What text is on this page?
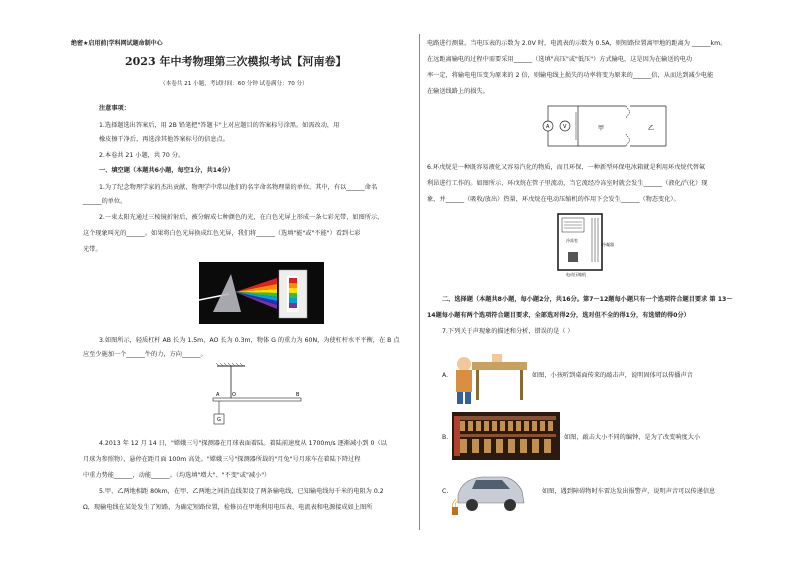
绝密★启用前|学科网试题命制中心
2023 年中考物理第三次模拟考试【河南卷】
（本卷共 21 小题，考试时间：60 分钟 试卷满分：70 分）
注意事项：
1.选择题选出答案后，用 2B 铅笔把"答题卡"上对应题目的答案标号涂黑。如需改动，用
橡皮擦干净后，再选涂其他答案标号的信息点。
2.本卷共 21 小题，共 70 分。
一、填空题（本题共6小题，每空1分，共14分）
1.为了纪念物理学家的杰出贡献，物理学中常以他们的名字命名物理量的单位。其中，有以______命名
______的单位。
2.一束太阳光通过三棱镜折射后，被分解成七种颜色的光，在白色光屏上形成一条七彩光带，如图所示，
这个现象叫光的______。如果将白色光屏换成红色光屏，我们将______（选填"能"或"不能"）看到七彩
光带。
3.如图所示，轻质杠杆 AB 长为 1.5m，AO 长为 0.3m，物体 G 的重力为 60N，为使杠杆水平平衡，在 B 点
应至少施加一个______牛的力，方向______。
A	O	B
G
4.2013 年 12 月 14 日，"嫦娥三号"探测器在月球表面着陆。着陆前速度从 1700m/s 逐渐减小到 0（以
月球为参照物），悬停在距月面 100m 高处。"嫦娥三号"探测器所载的"月兔"号月球车在着陆下降过程
中重力势能______，动能______。（均选填"增大"、"不变"或"减小"）
5.甲、乙两地相距 80km，在甲、乙两地之间沿直线架设了两条输电线，已知输电线每千米的电阻为 0.2
Ω，现输电线在某处发生了短路，为确定短路位置，检修员在甲地利用电压表、电流表和电源接成如上图所
电路进行测量。当电压表的示数为 2.0V 时，电流表的示数为 0.5A，则短路位置离甲地的距离为 ______km。
在远距离输电的过程中需要采用______（选填"高压"或"低压"）方式输电，这是因为在输送的电功
率一定，将输电电压变为原来的 2 倍，则输电线上损失的功率将变为原来的______倍，从而达到减少电能
在输送线路上的损失。
A	V	甲	乙
6.环戊烷是一种既容易液化又容易汽化的物质，而且环保，一种新型环保电冰箱就是利用环戊烷代替氟
利昂进行工作的。如图所示，环戊烷在管子里流动，当它流经冷冻室时就会发生______（液化/汽化）现
象，并______（吸收/放出）热量，环戊烷在电动压缩机的作用下会发生______（物态变化）。
冷冻室
冷凝器
电动压缩机
二、选择题（本题共8小题，每小题2分，共16分。第7～12题每小题只有一个选项符合题目要求 第 13～
14题每小题有两个选项符合题目要求，全部选对得2分，选对但不全的得1分，有选错的得0分）
7.下列关于声现象的描述和分析，错误的是（ ）
A.	如图，小孩听到桌面传来的敲击声，说明固体可以传播声音
B.	如图，敲击大小不同的编钟，是为了改变响度大小
C.	如图，遇到障碍物时车雷达发出报警声，说明声音可以传递信息
